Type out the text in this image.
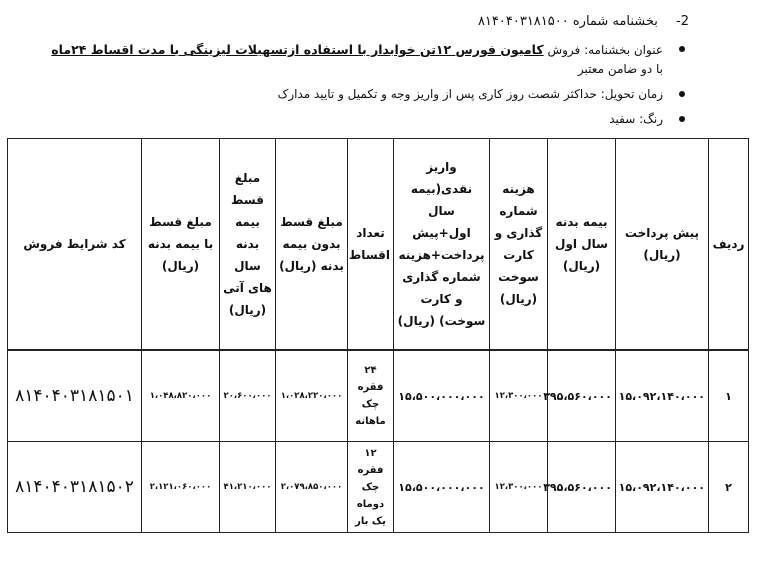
2- بخشنامه شماره ۸۱۴۰۴۰۳۱۸۱۵۰۰
عنوان بخشنامه: فروش کامیون فورس ۱۲تن خوابدار با استفاده ازتسهیلات لیزینگی با مدت اقساط ۲۴ماه
با دو ضامن معتبر
زمان تحویل: حداکثر شصت روز کاری پس از واریز وجه و تکمیل و تایید مدارک
رنگ: سفید
ردیف	پیش پرداخت (ریال)	بیمه بدنه سال اول (ریال)	هزینه شماره گذاری و کارت سوخت (ریال)	واریز نقدی(بیمه سال اول+پیش پرداخت+هزینه شماره گذاری و کارت سوخت) (ریال)	تعداد اقساط	مبلغ قسط بدون بیمه بدنه (ریال)	مبلغ قسط بیمه بدنه سال های آتی (ریال)	مبلغ قسط با بیمه بدنه (ریال)	کد شرایط فروش
۱	۱۵،۰۹۲،۱۴۰،۰۰۰	۳۹۵،۵۶۰،۰۰۰	۱۲،۳۰۰،۰۰۰	۱۵،۵۰۰،۰۰۰،۰۰۰	۲۴ فقره چک ماهانه	۱،۰۲۸،۲۲۰،۰۰۰	۲۰،۶۰۰،۰۰۰	۱،۰۴۸،۸۲۰،۰۰۰	۸۱۴۰۴۰۳۱۸۱۵۰۱
۲	۱۵،۰۹۲،۱۴۰،۰۰۰	۳۹۵،۵۶۰،۰۰۰	۱۲،۳۰۰،۰۰۰	۱۵،۵۰۰،۰۰۰،۰۰۰	۱۲ فقره چک دوماه یک بار	۲،۰۷۹،۸۵۰،۰۰۰	۴۱،۲۱۰،۰۰۰	۲،۱۲۱،۰۶۰،۰۰۰	۸۱۴۰۴۰۳۱۸۱۵۰۲
